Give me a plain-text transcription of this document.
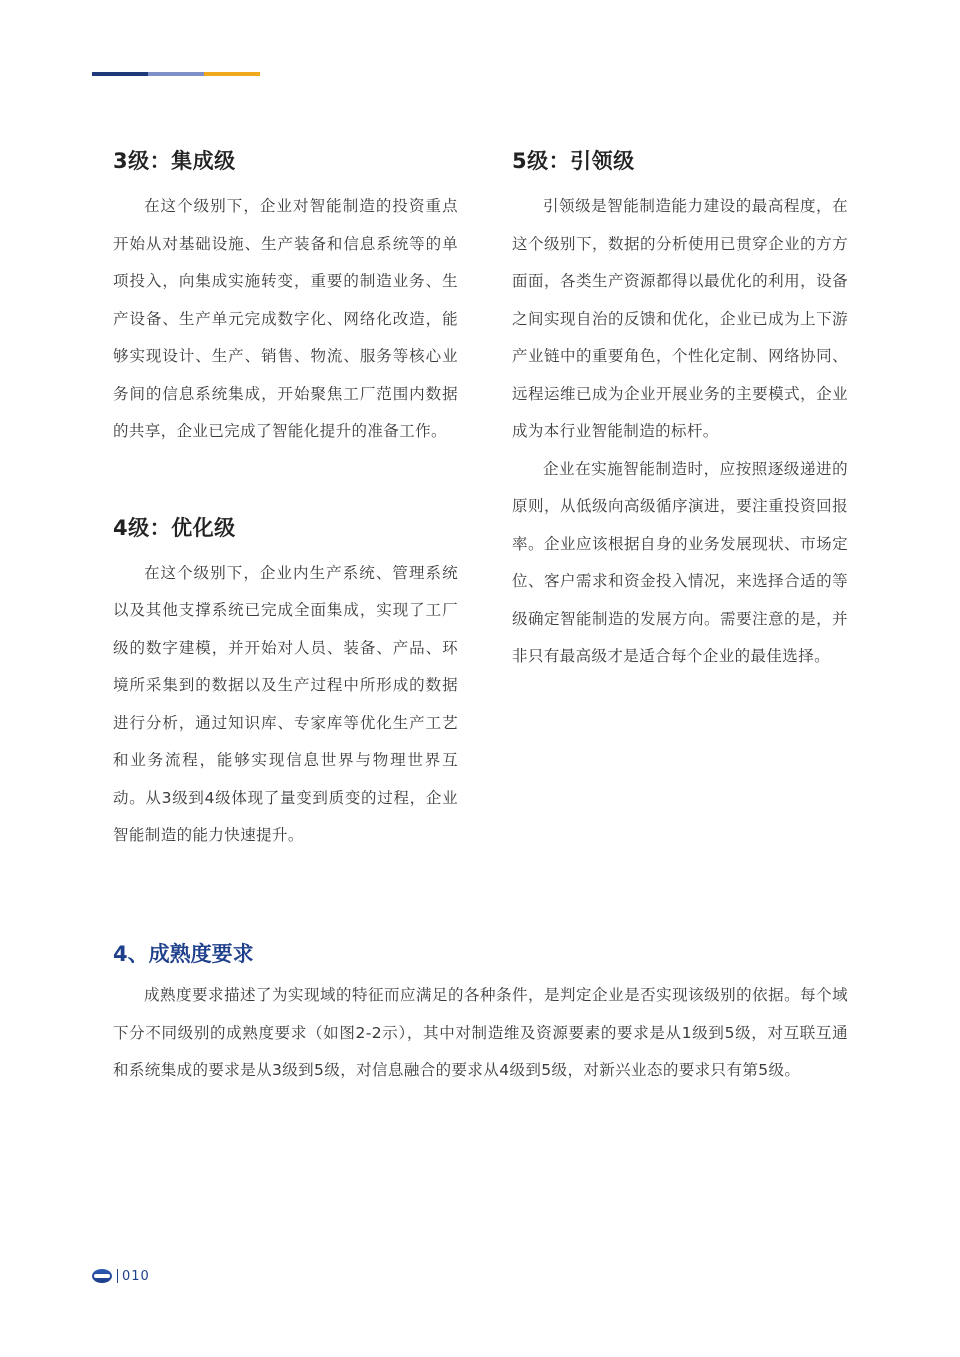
3级：集成级

在这个级别下，企业对智能制造的投资重点开始从对基础设施、生产装备和信息系统等的单项投入，向集成实施转变，重要的制造业务、生产设备、生产单元完成数字化、网络化改造，能够实现设计、生产、销售、物流、服务等核心业务间的信息系统集成，开始聚焦工厂范围内数据的共享，企业已完成了智能化提升的准备工作。

4级：优化级

在这个级别下，企业内生产系统、管理系统以及其他支撑系统已完成全面集成，实现了工厂级的数字建模，并开始对人员、装备、产品、环境所采集到的数据以及生产过程中所形成的数据进行分析，通过知识库、专家库等优化生产工艺和业务流程，能够实现信息世界与物理世界互动。从3级到4级体现了量变到质变的过程，企业智能制造的能力快速提升。

5级：引领级

引领级是智能制造能力建设的最高程度，在这个级别下，数据的分析使用已贯穿企业的方方面面，各类生产资源都得以最优化的利用，设备之间实现自治的反馈和优化，企业已成为上下游产业链中的重要角色，个性化定制、网络协同、远程运维已成为企业开展业务的主要模式，企业成为本行业智能制造的标杆。

企业在实施智能制造时，应按照逐级递进的原则，从低级向高级循序演进，要注重投资回报率。企业应该根据自身的业务发展现状、市场定位、客户需求和资金投入情况，来选择合适的等级确定智能制造的发展方向。需要注意的是，并非只有最高级才是适合每个企业的最佳选择。

4、成熟度要求

成熟度要求描述了为实现域的特征而应满足的各种条件，是判定企业是否实现该级别的依据。每个域下分不同级别的成熟度要求（如图2-2示），其中对制造维及资源要素的要求是从1级到5级，对互联互通和系统集成的要求是从3级到5级，对信息融合的要求从4级到5级，对新兴业态的要求只有第5级。

010
